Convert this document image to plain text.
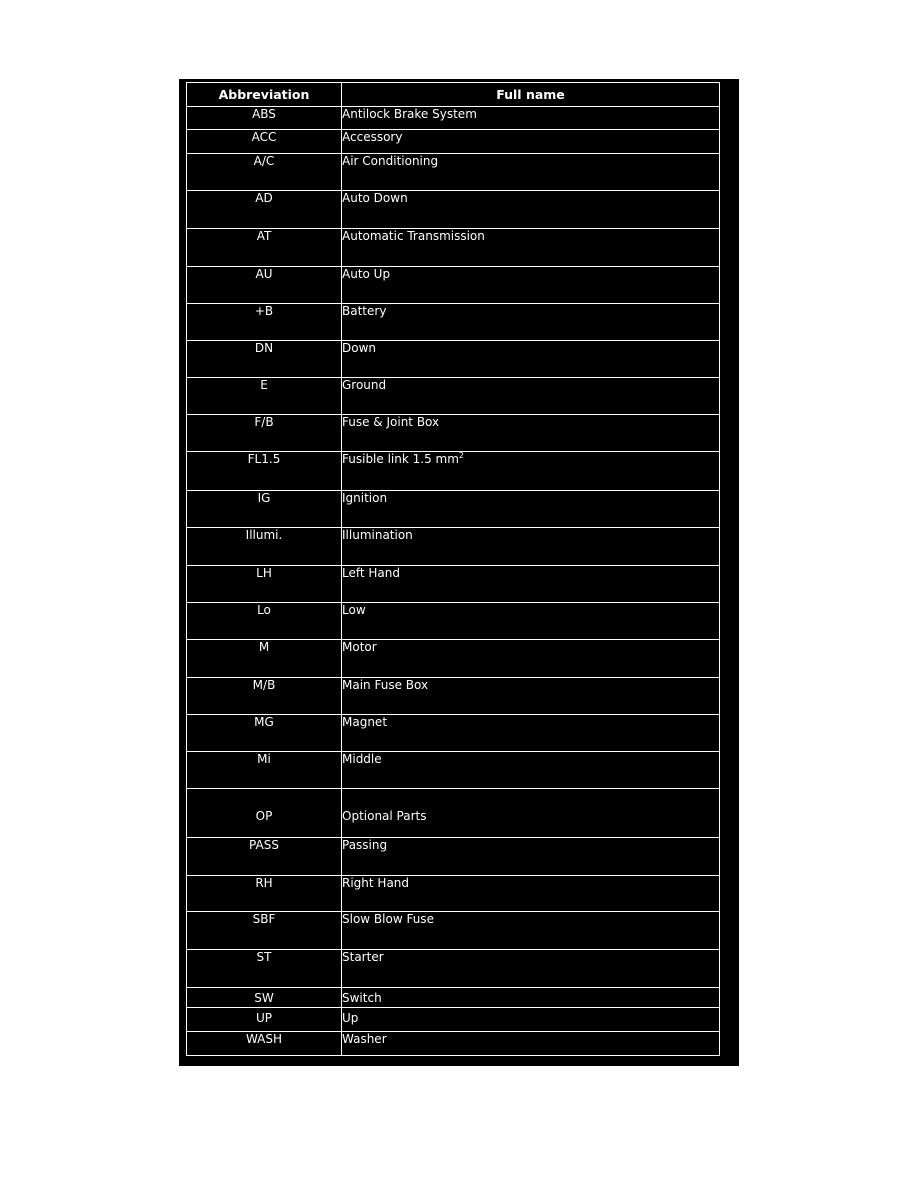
Abbreviation	Full name
ABS	Antilock Brake System
ACC	Accessory
A/C	Air Conditioning
AD	Auto Down
AT	Automatic Transmission
AU	Auto Up
+B	Battery
DN	Down
E	Ground
F/B	Fuse & Joint Box
FL1.5	Fusible link 1.5 $mm^2$
IG	Ignition
Illumi.	Illumination
LH	Left Hand
Lo	Low
M	Motor
M/B	Main Fuse Box
MG	Magnet
Mi	Middle
OP	Optional Parts
PASS	Passing
RH	Right Hand
SBF	Slow Blow Fuse
ST	Starter
SW	Switch
UP	Up
WASH	Washer
